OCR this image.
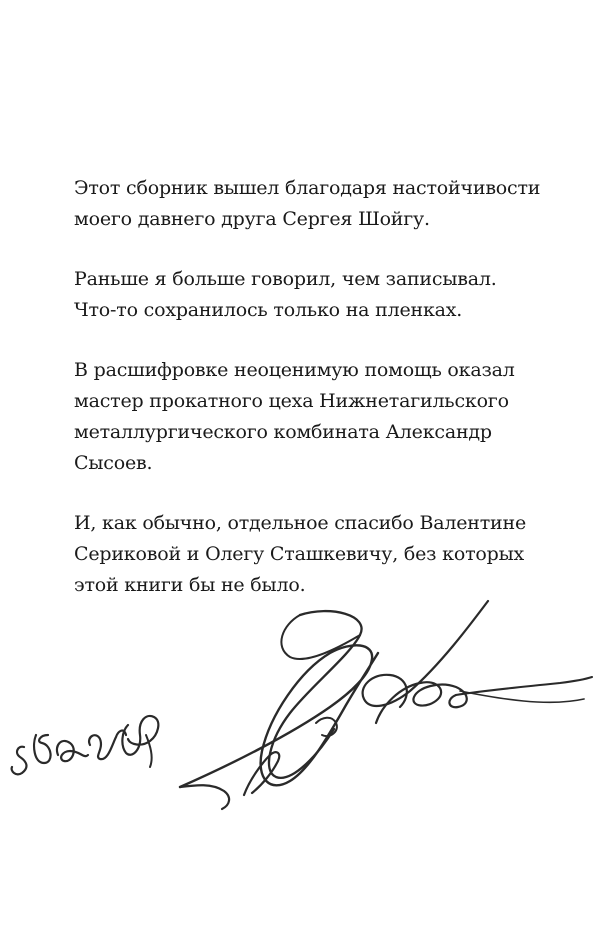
Этот сборник вышел благодаря настойчивости
моего давнего друга Сергея Шойгу.

Раньше я больше говорил, чем записывал.
Что-то сохранилось только на пленках.

В расшифровке неоценимую помощь оказал
мастер прокатного цеха Нижнетагильского
металлургического комбината Александр
Сысоев.

И, как обычно, отдельное спасибо Валентине
Сериковой и Олегу Сташкевичу, без которых
этой книги бы не было.
